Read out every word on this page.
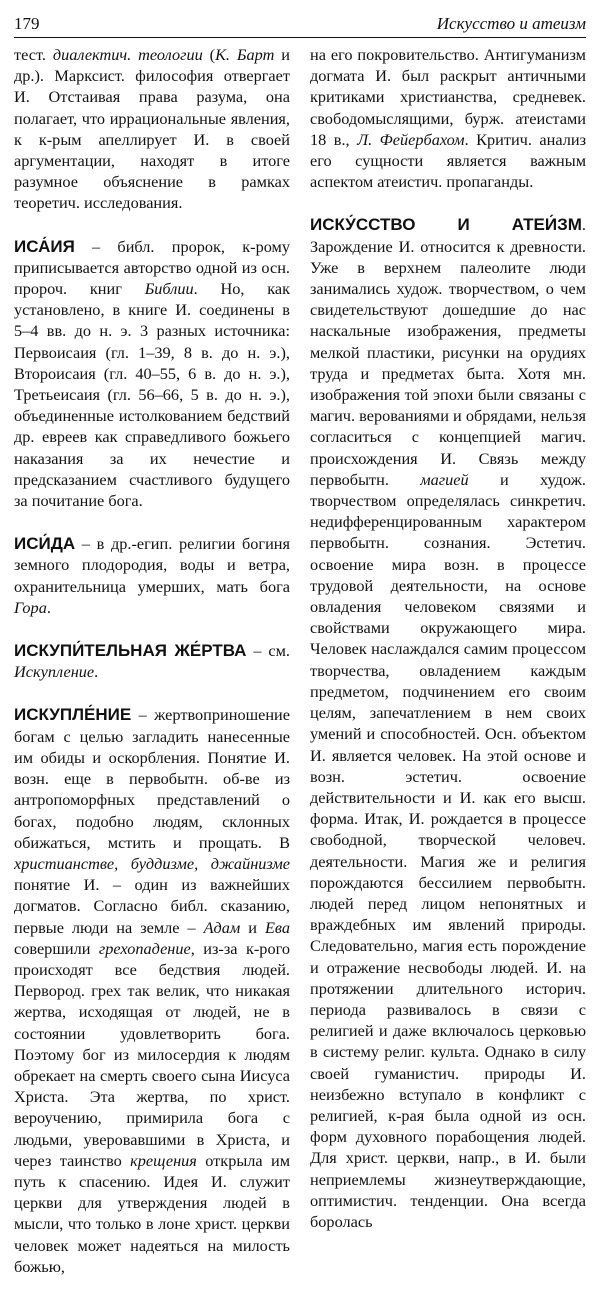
179	Искусство и атеизм

тест. диалектич. теологии (К. Барт и др.). Марксист. философия отвергает И. Отстаивая права разума, она полагает, что иррациональные явления, к к-рым апеллирует И. в своей аргументации, находят в итоге разумное объяснение в рамках теоретич. исследования.

ИСА́ИЯ – библ. пророк, к-рому приписывается авторство одной из осн. пророч. книг Библии. Но, как установлено, в книге И. соединены в 5–4 вв. до н. э. 3 разных источника: Первоисаия (гл. 1–39, 8 в. до н. э.), Второисаия (гл. 40–55, 6 в. до н. э.), Третьеисаия (гл. 56–66, 5 в. до н. э.), объединенные истолкованием бедствий др. евреев как справедливого божьего наказания за их нечестие и предсказанием счастливого будущего за почитание бога.

ИСИ́ДА – в др.-егип. религии богиня земного плодородия, воды и ветра, охранительница умерших, мать бога Гора.

ИСКУПИ́ТЕЛЬНАЯ ЖЕ́РТВА – см. Искупление.

ИСКУПЛЕ́НИЕ – жертвоприношение богам с целью загладить нанесенные им обиды и оскорбления. Понятие И. возн. еще в первобытн. об-ве из антропоморфных представлений о богах, подобно людям, склонных обижаться, мстить и прощать. В христианстве, буддизме, джайнизме понятие И. – один из важнейших догматов. Согласно библ. сказанию, первые люди на земле – Адам и Ева совершили грехопадение, из-за к-рого происходят все бедствия людей. Первород. грех так велик, что никакая жертва, исходящая от людей, не в состоянии удовлетворить бога. Поэтому бог из милосердия к людям обрекает на смерть своего сына Иисуса Христа. Эта жертва, по христ. вероучению, примирила бога с людьми, уверовавшими в Христа, и через таинство крещения открыла им путь к спасению. Идея И. служит церкви для утверждения людей в мысли, что только в лоне христ. церкви человек может надеяться на милость божью,

на его покровительство. Антигуманизм догмата И. был раскрыт античными критиками христианства, средневек. свободомыслящими, бурж. атеистами 18 в., Л. Фейербахом. Критич. анализ его сущности является важным аспектом атеистич. пропаганды.

ИСКУ́ССТВО И АТЕИ́ЗМ. Зарождение И. относится к древности. Уже в верхнем палеолите люди занимались худож. творчеством, о чем свидетельствуют дошедшие до нас наскальные изображения, предметы мелкой пластики, рисунки на орудиях труда и предметах быта. Хотя мн. изображения той эпохи были связаны с магич. верованиями и обрядами, нельзя согласиться с концепцией магич. происхождения И. Связь между первобытн. магией и худож. творчеством определялась синкретич. недифференцированным характером первобытн. сознания. Эстетич. освоение мира возн. в процессе трудовой деятельности, на основе овладения человеком связями и свойствами окружающего мира. Человек наслаждался самим процессом творчества, овладением каждым предметом, подчинением его своим целям, запечатлением в нем своих умений и способностей. Осн. объектом И. является человек. На этой основе и возн. эстетич. освоение действительности и И. как его высш. форма. Итак, И. рождается в процессе свободной, творческой человеч. деятельности. Магия же и религия порождаются бессилием первобытн. людей перед лицом непонятных и враждебных им явлений природы. Следовательно, магия есть порождение и отражение несвободы людей. И. на протяжении длительного историч. периода развивалось в связи с религией и даже включалось церковью в систему религ. культа. Однако в силу своей гуманистич. природы И. неизбежно вступало в конфликт с религией, к-рая была одной из осн. форм духовного порабощения людей. Для христ. церкви, напр., в И. были неприемлемы жизнеутверждающие, оптимистич. тенденции. Она всегда боролась
